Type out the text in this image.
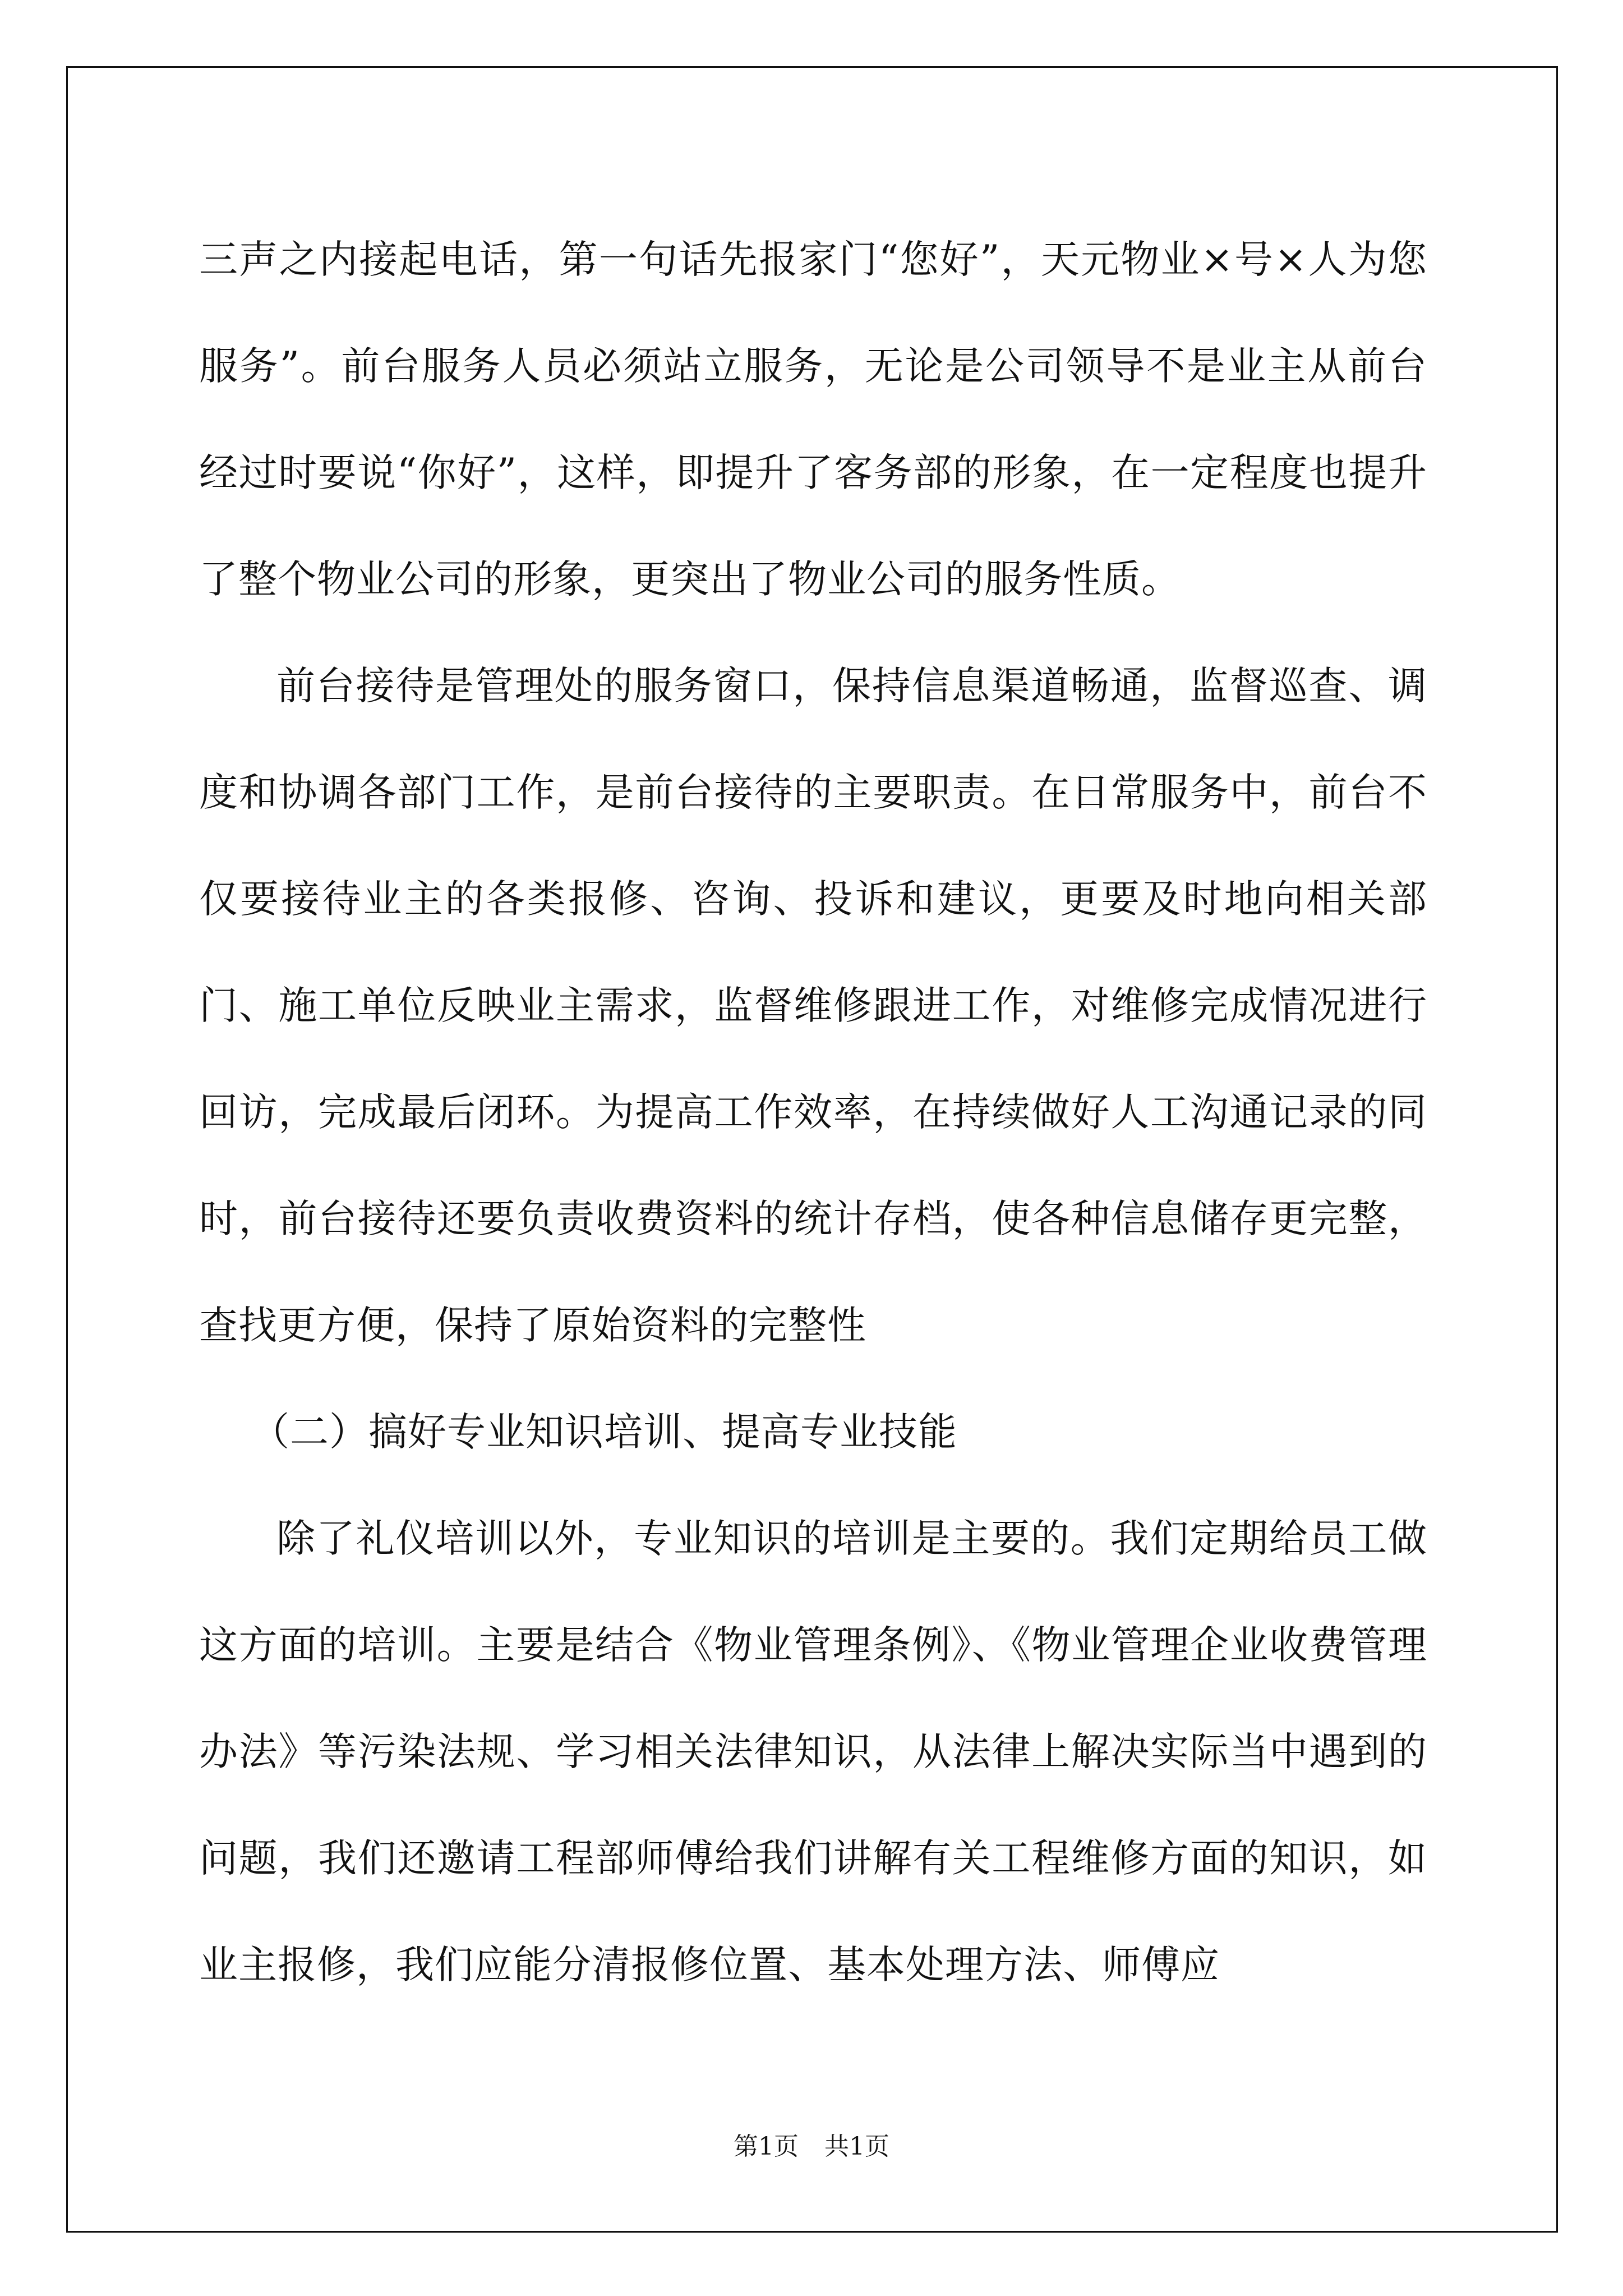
三声之内接起电话，第一句话先报家门“您好”，天元物业×号×人为您服务”。前台服务人员必须站立服务，无论是公司领导不是业主从前台经过时要说“你好”，这样，即提升了客务部的形象，在一定程度也提升了整个物业公司的形象，更突出了物业公司的服务性质。

前台接待是管理处的服务窗口，保持信息渠道畅通，监督巡查、调度和协调各部门工作，是前台接待的主要职责。在日常服务中，前台不仅要接待业主的各类报修、咨询、投诉和建议，更要及时地向相关部门、施工单位反映业主需求，监督维修跟进工作，对维修完成情况进行回访，完成最后闭环。为提高工作效率，在持续做好人工沟通记录的同时，前台接待还要负责收费资料的统计存档，使各种信息储存更完整，查找更方便，保持了原始资料的完整性

（二）搞好专业知识培训、提高专业技能

除了礼仪培训以外，专业知识的培训是主要的。我们定期给员工做这方面的培训。主要是结合《物业管理条例》、《物业管理企业收费管理办法》等污染法规、学习相关法律知识，从法律上解决实际当中遇到的问题，我们还邀请工程部师傅给我们讲解有关工程维修方面的知识，如业主报修，我们应能分清报修位置、基本处理方法、师傅应

第1页 共1页
